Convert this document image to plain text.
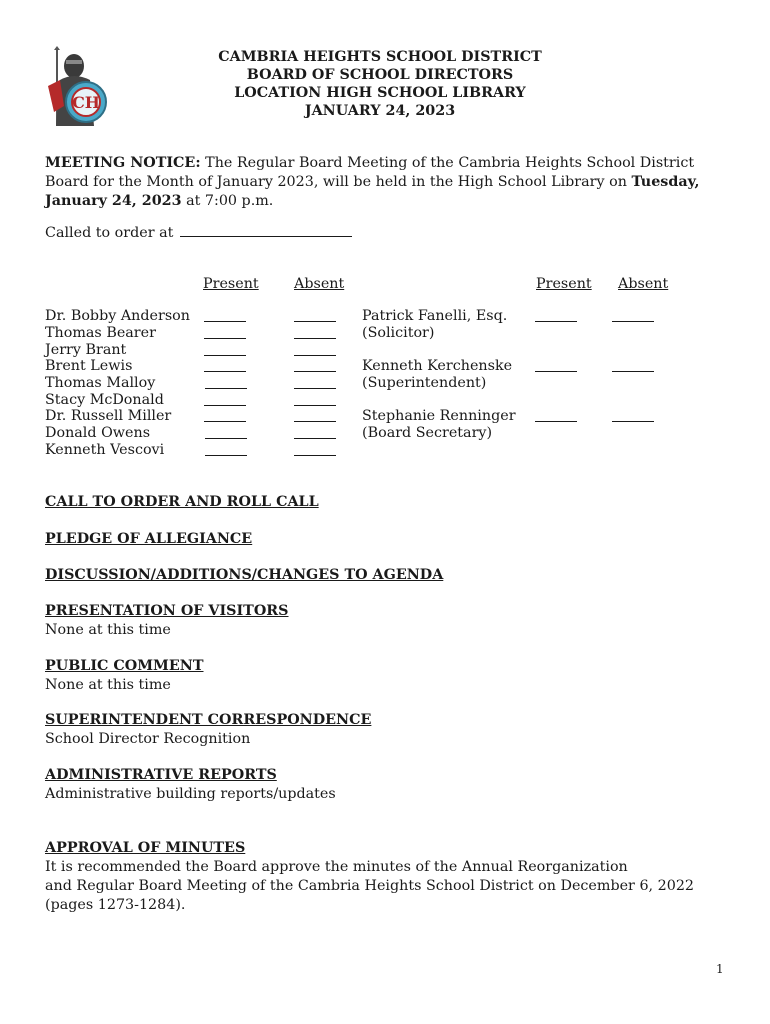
CH
CAMBRIA HEIGHTS SCHOOL DISTRICT
BOARD OF SCHOOL DIRECTORS
LOCATION HIGH SCHOOL LIBRARY
JANUARY 24, 2023
MEETING NOTICE: The Regular Board Meeting of the Cambria Heights School District Board for the Month of January 2023, will be held in the High School Library on Tuesday, January 24, 2023 at 7:00 p.m.
Called to order at
Present Absent	Present Absent
Dr. Bobby Anderson
Thomas Bearer
Jerry Brant
Brent Lewis
Thomas Malloy
Stacy McDonald
Dr. Russell Miller
Donald Owens
Kenneth Vescovi
Patrick Fanelli, Esq.
(Solicitor)
Kenneth Kerchenske
(Superintendent)
Stephanie Renninger
(Board Secretary)
CALL TO ORDER AND ROLL CALL
PLEDGE OF ALLEGIANCE
DISCUSSION/ADDITIONS/CHANGES TO AGENDA
PRESENTATION OF VISITORS
None at this time
PUBLIC COMMENT
None at this time
SUPERINTENDENT CORRESPONDENCE
School Director Recognition
ADMINISTRATIVE REPORTS
Administrative building reports/updates
APPROVAL OF MINUTES
It is recommended the Board approve the minutes of the Annual Reorganization
and Regular Board Meeting of the Cambria Heights School District on December 6, 2022
(pages 1273-1284).
1
